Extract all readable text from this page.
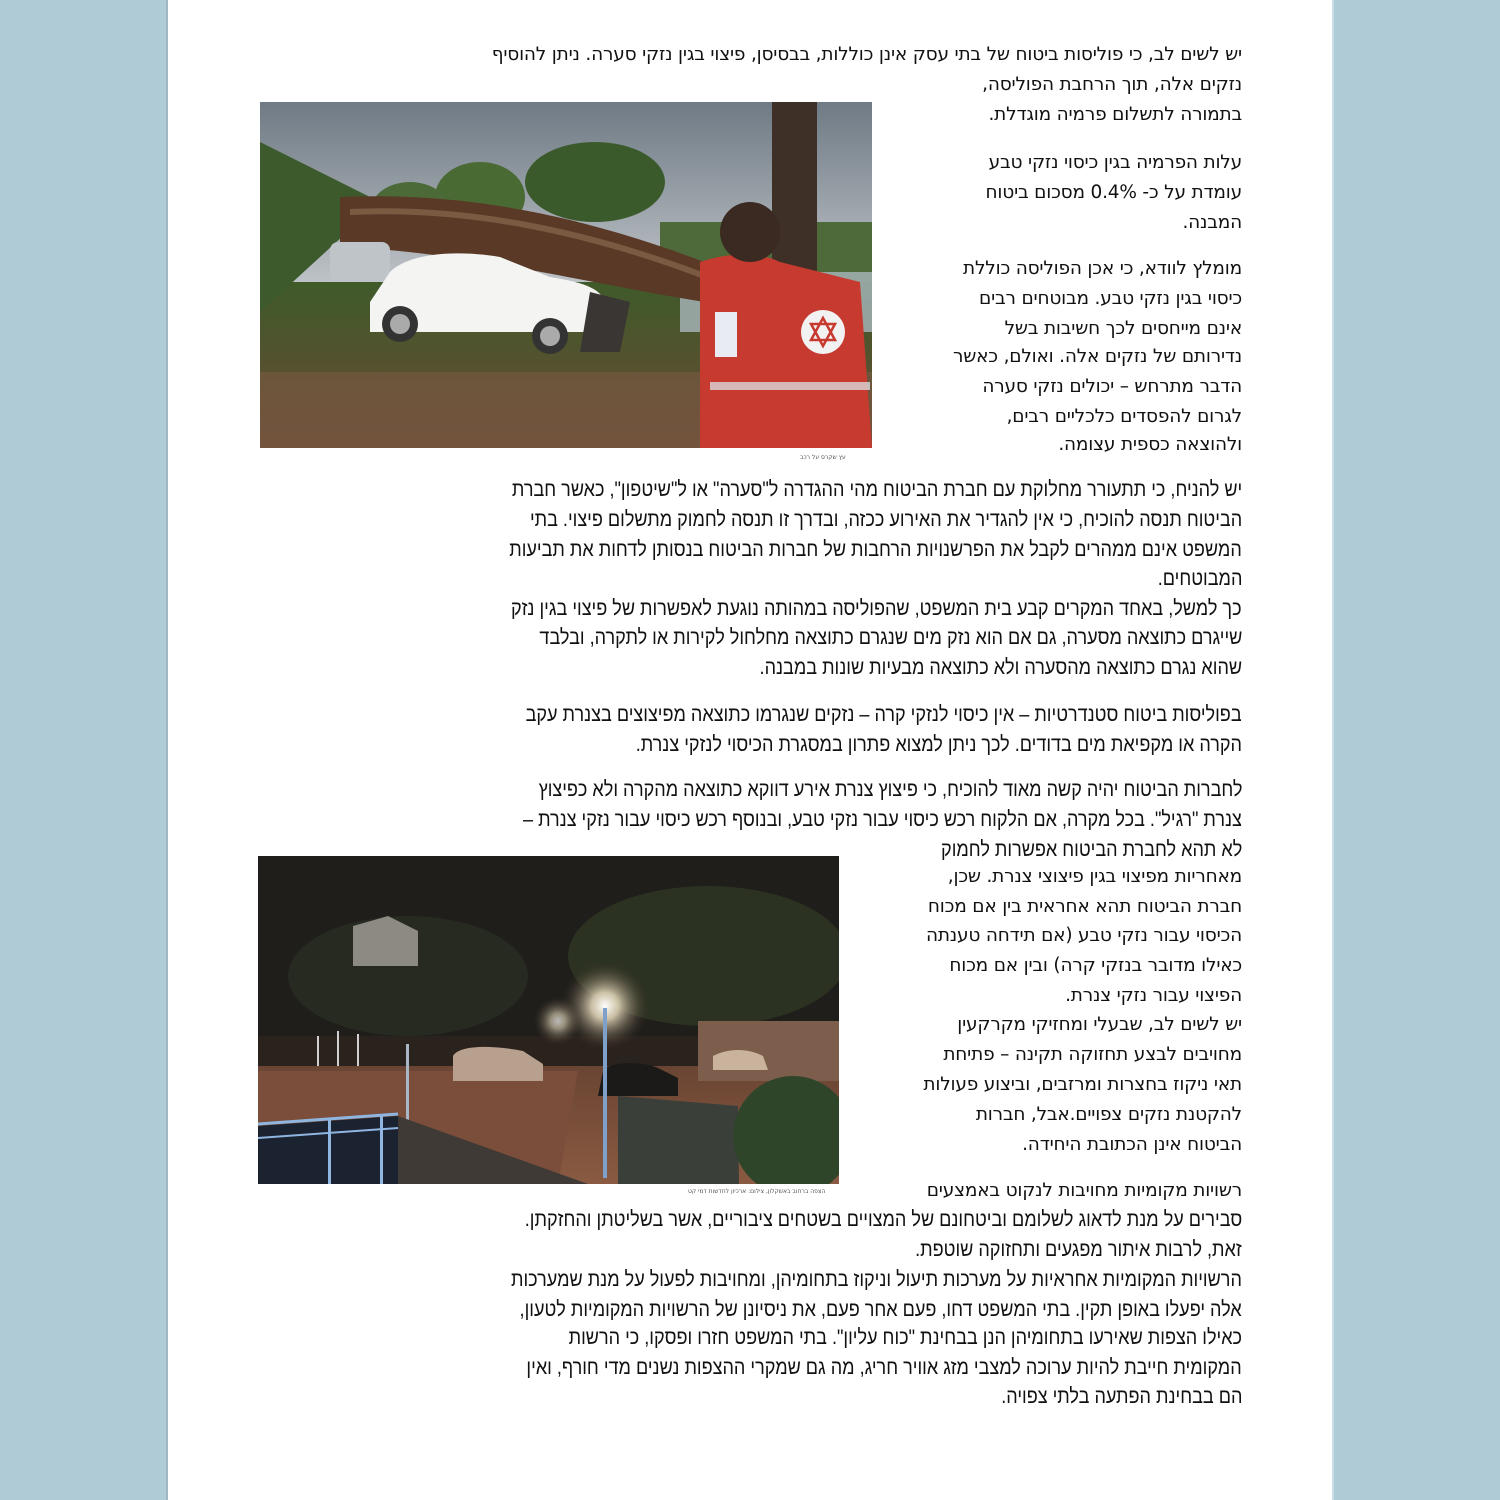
יש לשים לב, כי פוליסות ביטוח של בתי עסק אינן כוללות, בבסיסן, פיצוי בגין נזקי סערה. ניתן להוסיף
נזקים אלה, תוך הרחבת הפוליסה,
בתמורה לתשלום פרמיה מוגדלת.
עלות הפרמיה בגין כיסוי נזקי טבע
עומדת על כ- 0.4% מסכום ביטוח
המבנה.
מומלץ לוודא, כי אכן הפוליסה כוללת
כיסוי בגין נזקי טבע. מבוטחים רבים
אינם מייחסים לכך חשיבות בשל
נדירותם של נזקים אלה. ואולם, כאשר
הדבר מתרחש – יכולים נזקי סערה
לגרום להפסדים כלכליים רבים,
ולהוצאה כספית עצומה.
יש להניח, כי תתעורר מחלוקת עם חברת הביטוח מהי ההגדרה ל"סערה" או ל"שיטפון", כאשר חברת
הביטוח תנסה להוכיח, כי אין להגדיר את האירוע ככזה, ובדרך זו תנסה לחמוק מתשלום פיצוי. בתי
המשפט אינם ממהרים לקבל את הפרשנויות הרחבות של חברות הביטוח בנסותן לדחות את תביעות
המבוטחים.
כך למשל, באחד המקרים קבע בית המשפט, שהפוליסה במהותה נוגעת לאפשרות של פיצוי בגין נזק
שייגרם כתוצאה מסערה, גם אם הוא נזק מים שנגרם כתוצאה מחלחול לקירות או לתקרה, ובלבד
שהוא נגרם כתוצאה מהסערה ולא כתוצאה מבעיות שונות במבנה.
בפוליסות ביטוח סטנדרטיות – אין כיסוי לנזקי קרה – נזקים שנגרמו כתוצאה מפיצוצים בצנרת עקב
הקרה או מקפיאת מים בדודים. לכך ניתן למצוא פתרון במסגרת הכיסוי לנזקי צנרת.
לחברות הביטוח יהיה קשה מאוד להוכיח, כי פיצוץ צנרת אירע דווקא כתוצאה מהקרה ולא כפיצוץ
צנרת "רגיל". בכל מקרה, אם הלקוח רכש כיסוי עבור נזקי טבע, ובנוסף רכש כיסוי עבור נזקי צנרת –
לא תהא לחברת הביטוח אפשרות לחמוק
מאחריות מפיצוי בגין פיצוצי צנרת. שכן,
חברת הביטוח תהא אחראית בין אם מכוח
הכיסוי עבור נזקי טבע (אם תידחה טענתה
כאילו מדובר בנזקי קרה) ובין אם מכוח
הפיצוי עבור נזקי צנרת.
יש לשים לב, שבעלי ומחזיקי מקרקעין
מחויבים לבצע תחזוקה תקינה – פתיחת
תאי ניקוז בחצרות ומרזבים, וביצוע פעולות
להקטנת נזקים צפויים.אבל, חברות
הביטוח אינן הכתובת היחידה.
רשויות מקומיות מחויבות לנקוט באמצעים
סבירים על מנת לדאוג לשלומם וביטחונם של המצויים בשטחים ציבוריים, אשר בשליטתן והחזקתן.
זאת, לרבות איתור מפגעים ותחזוקה שוטפת.
הרשויות המקומיות אחראיות על מערכות תיעול וניקוז בתחומיהן, ומחויבות לפעול על מנת שמערכות
אלה יפעלו באופן תקין. בתי המשפט דחו, פעם אחר פעם, את ניסיונן של הרשויות המקומיות לטעון,
כאילו הצפות שאירעו בתחומיהן הנן בבחינת "כוח עליון". בתי המשפט חזרו ופסקו, כי הרשות
המקומית חייבת להיות ערוכה למצבי מזג אוויר חריג, מה גם שמקרי ההצפות נשנים מדי חורף, ואין
הם בבחינת הפתעה בלתי צפויה.
עץ שקרס על רכב
הצפה ברחוב באשקלון, צילום: ארכיון לחדשות דמי קט
